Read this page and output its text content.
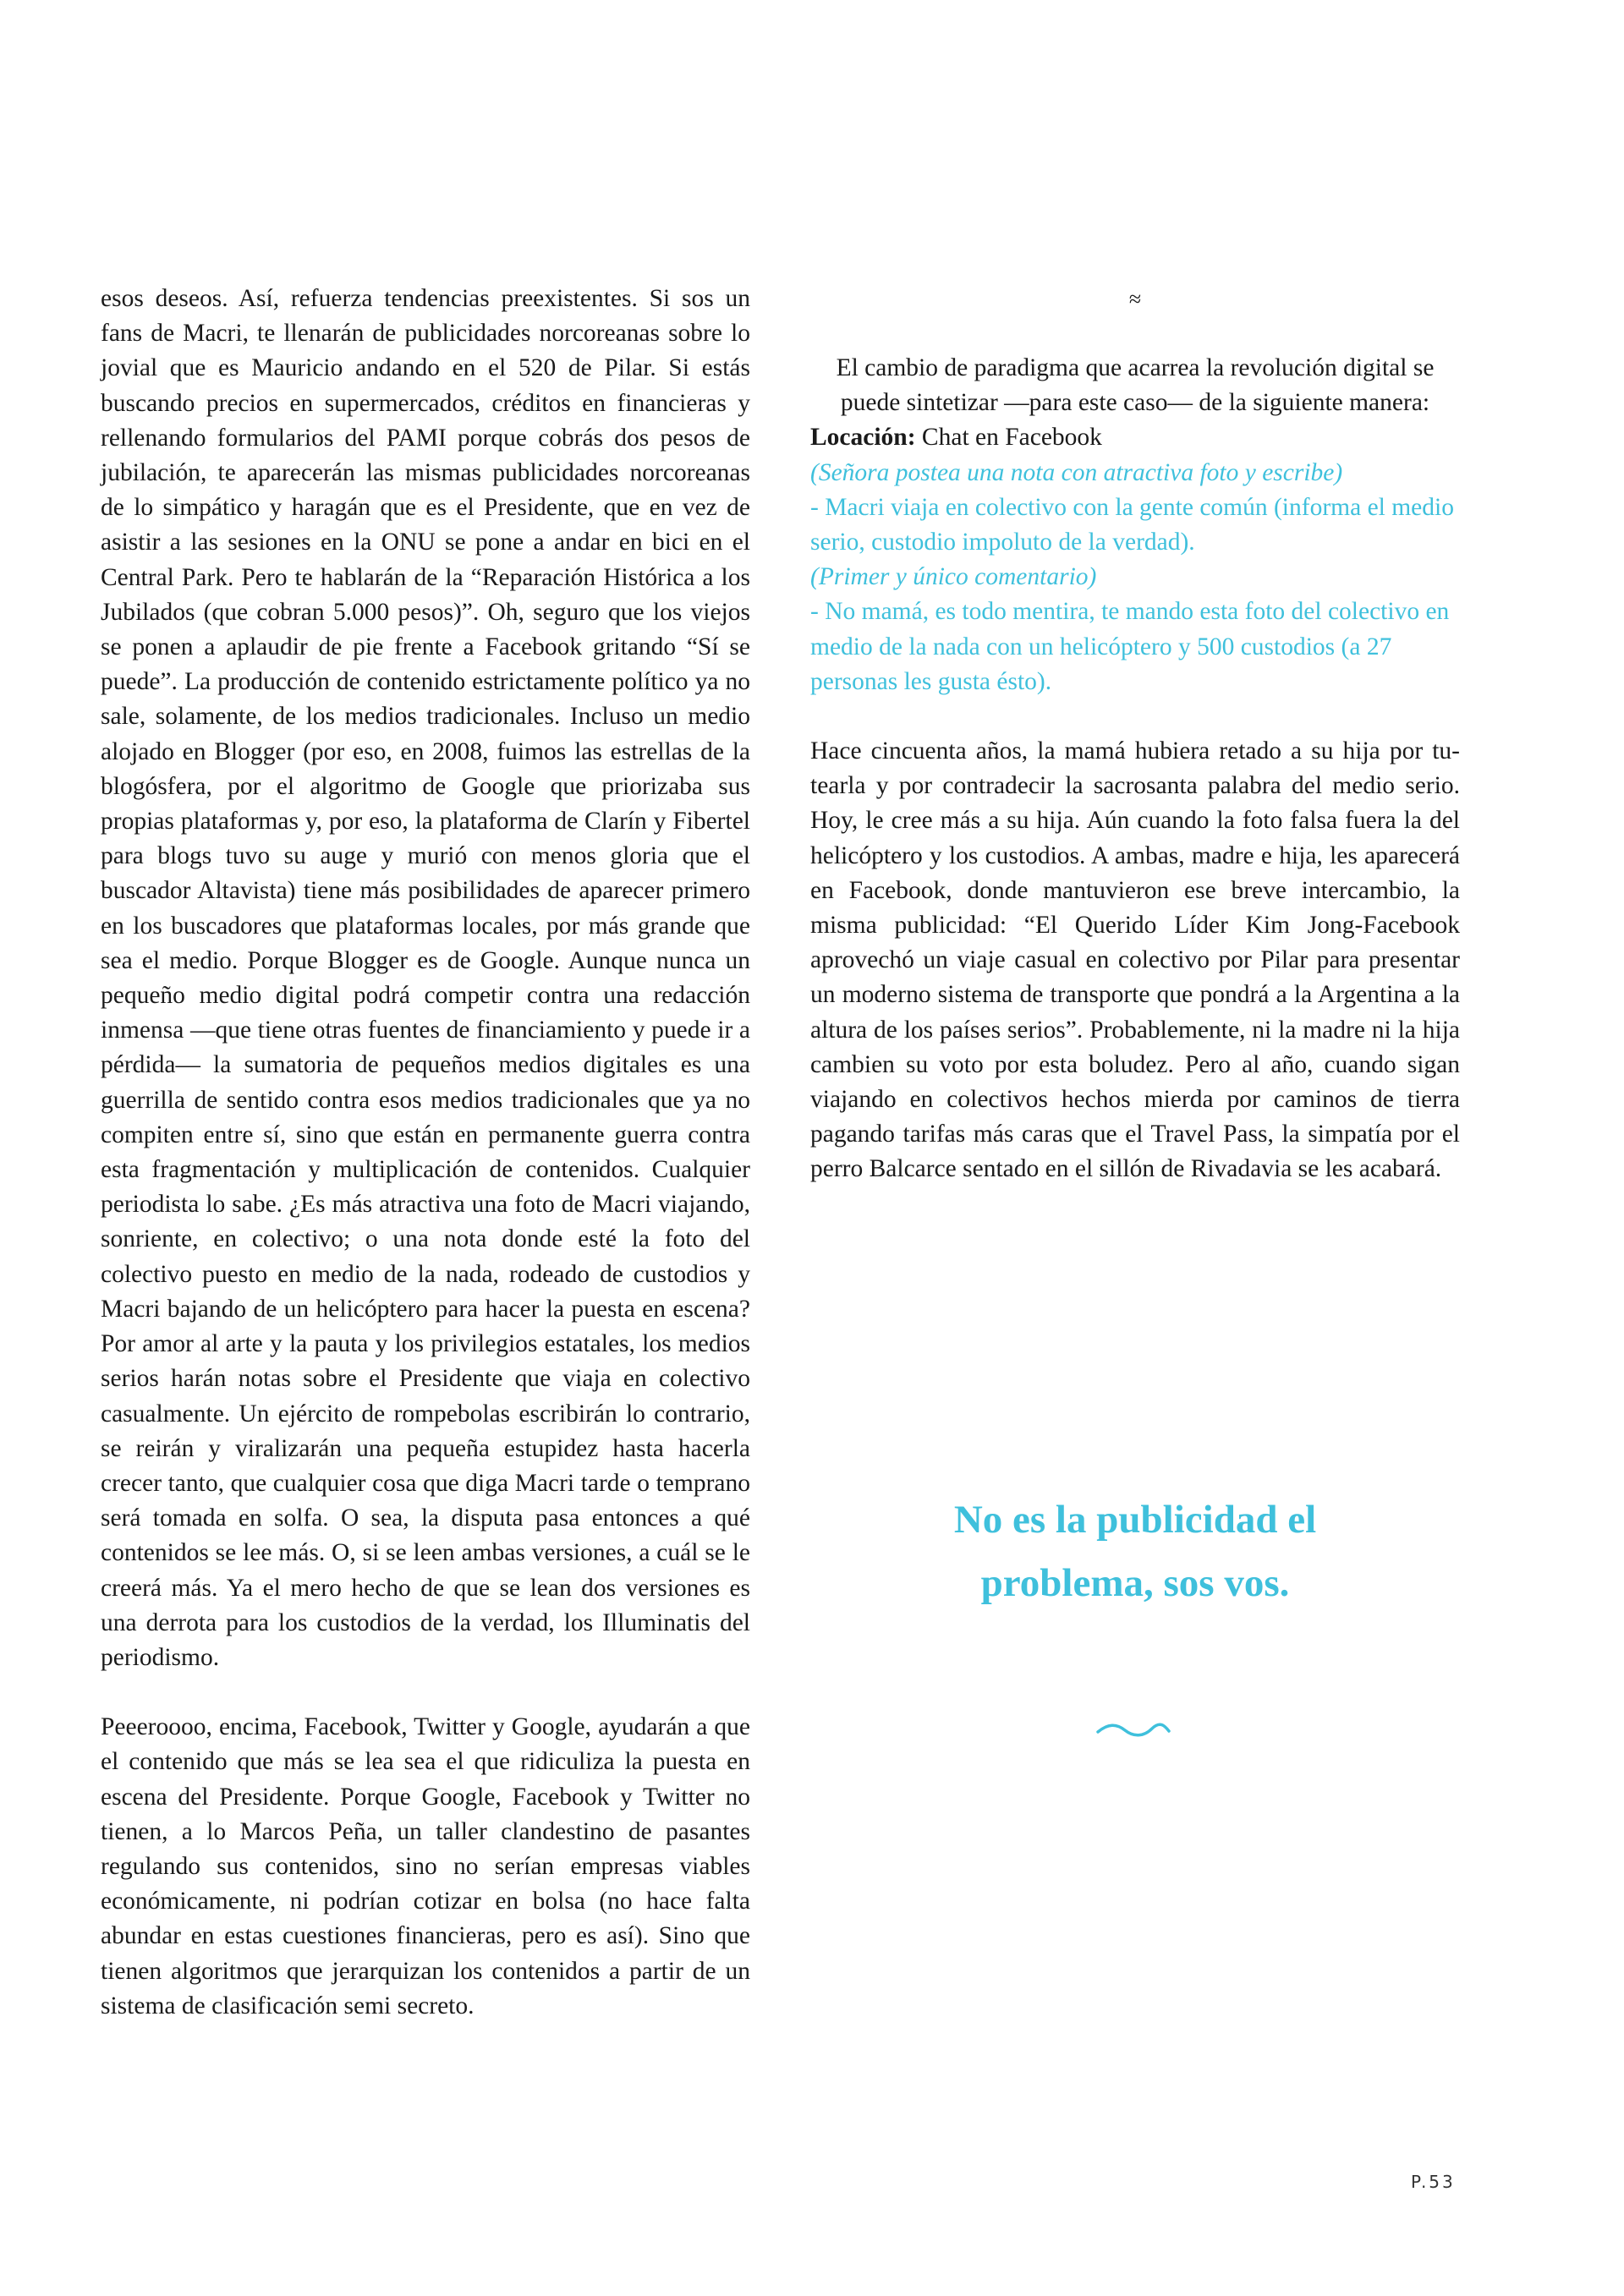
esos deseos. Así, refuerza tendencias preexistentes. Si sos un fans de Macri, te llenarán de publicidades norcoreanas sobre lo jovial que es Mauricio andando en el 520 de Pilar. Si estás buscando precios en supermercados, créditos en financieras y rellenando formularios del PAMI porque cobrás dos pesos de jubilación, te aparecerán las mismas publicidades norcoreanas de lo simpático y haragán que es el Presidente, que en vez de asistir a las sesiones en la ONU se pone a andar en bici en el Central Park. Pero te hablarán de la “Reparación Histórica a los Jubilados (que cobran 5.000 pesos)”. Oh, seguro que los viejos se ponen a aplaudir de pie frente a Facebook gritando “Sí se puede”. La producción de contenido estrictamente político ya no sale, solamente, de los medios tradicionales. Incluso un medio alojado en Blogger (por eso, en 2008, fuimos las estrellas de la blogósfera, por el algoritmo de Google que priorizaba sus propias plataformas y, por eso, la plataforma de Clarín y Fibertel para blogs tuvo su auge y murió con menos gloria que el buscador Altavista) tiene más posibilidades de aparecer primero en los buscadores que plataformas locales, por más grande que sea el medio. Porque Blogger es de Google. Aunque nunca un pequeño medio digital podrá competir contra una redacción inmensa —que tiene otras fuentes de financiamiento y puede ir a pérdida— la sumatoria de pequeños medios digitales es una guerrilla de sentido contra esos medios tradicionales que ya no compiten entre sí, sino que están en permanente guerra contra esta fragmentación y multiplicación de contenidos. Cualquier periodista lo sabe. ¿Es más atractiva una foto de Macri viajando, sonriente, en colectivo; o una nota donde esté la foto del colectivo puesto en medio de la nada, rodeado de custodios y Macri bajando de un helicóptero para hacer la puesta en escena? Por amor al arte y la pauta y los privilegios estatales, los medios serios harán notas sobre el Presidente que viaja en colectivo casualmente. Un ejército de rompebolas escribirán lo contrario, se reirán y viralizarán una pequeña estupidez hasta hacerla crecer tanto, que cualquier cosa que diga Macri tarde o temprano será tomada en solfa. O sea, la disputa pasa entonces a qué contenidos se lee más. O, si se leen ambas versiones, a cuál se le creerá más. Ya el mero hecho de que se lean dos versiones es una derrota para los custodios de la verdad, los Illuminatis del periodismo.

Peeeroooo, encima, Facebook, Twitter y Google, ayudarán a que el contenido que más se lea sea el que ridiculiza la puesta en escena del Presidente. Porque Google, Facebook y Twitter no tienen, a lo Marcos Peña, un taller clandestino de pasantes regulando sus contenidos, sino no serían empresas viables económicamente, ni podrían cotizar en bolsa (no hace falta abundar en estas cuestiones financieras, pero es así). Sino que tienen algoritmos que jerarquizan los contenidos a partir de un sistema de clasificación semi secreto.

≈

El cambio de paradigma que acarrea la revolución digital se puede sintetizar —para este caso— de la siguiente manera:

Locación: Chat en Facebook

(Señora postea una nota con atractiva foto y escribe)

- Macri viaja en colectivo con la gente común (informa el medio serio, custodio impoluto de la verdad).

(Primer y único comentario)

- No mamá, es todo mentira, te mando esta foto del colectivo en medio de la nada con un helicóptero y 500 custodios (a 27 personas les gusta ésto).

Hace cincuenta años, la mamá hubiera retado a su hija por tutearla y por contradecir la sacrosanta palabra del medio serio. Hoy, le cree más a su hija. Aún cuando la foto falsa fuera la del helicóptero y los custodios. A ambas, madre e hija, les aparecerá en Facebook, donde mantuvieron ese breve intercambio, la misma publicidad: “El Querido Líder Kim Jong-Facebook aprovechó un viaje casual en colectivo por Pilar para presentar un moderno sistema de transporte que pondrá a la Argentina a la altura de los países serios”. Probablemente, ni la madre ni la hija cambien su voto por esta boludez. Pero al año, cuando sigan viajando en colectivos hechos mierda por caminos de tierra pagando tarifas más caras que el Travel Pass, la simpatía por el perro Balcarce sentado en el sillón de Rivadavia se les acabará.

No es la publicidad el
problema, sos vos.
P.53
